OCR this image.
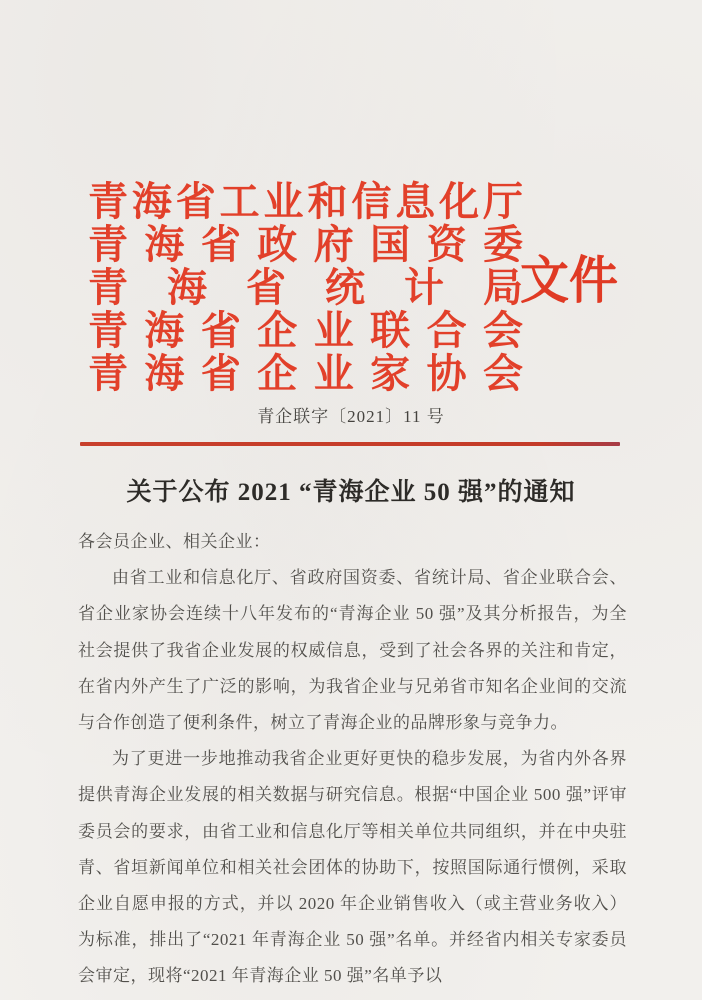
青海省工业和信息化厅
青海省政府国资委
青海省统计局
青海省企业联合会
青海省企业家协会
文件
青企联字〔2021〕11 号
关于公布 2021 “青海企业 50 强”的通知

各会员企业、相关企业：

由省工业和信息化厅、省政府国资委、省统计局、省企业联合会、省企业家协会连续十八年发布的“青海企业 50 强”及其分析报告，为全社会提供了我省企业发展的权威信息，受到了社会各界的关注和肯定，在省内外产生了广泛的影响，为我省企业与兄弟省市知名企业间的交流与合作创造了便利条件，树立了青海企业的品牌形象与竞争力。

为了更进一步地推动我省企业更好更快的稳步发展，为省内外各界提供青海企业发展的相关数据与研究信息。根据“中国企业 500 强”评审委员会的要求，由省工业和信息化厅等相关单位共同组织，并在中央驻青、省垣新闻单位和相关社会团体的协助下，按照国际通行惯例，采取企业自愿申报的方式，并以 2020 年企业销售收入（或主营业务收入）为标准，排出了“2021 年青海企业 50 强”名单。并经省内相关专家委员会审定，现将“2021 年青海企业 50 强”名单予以
